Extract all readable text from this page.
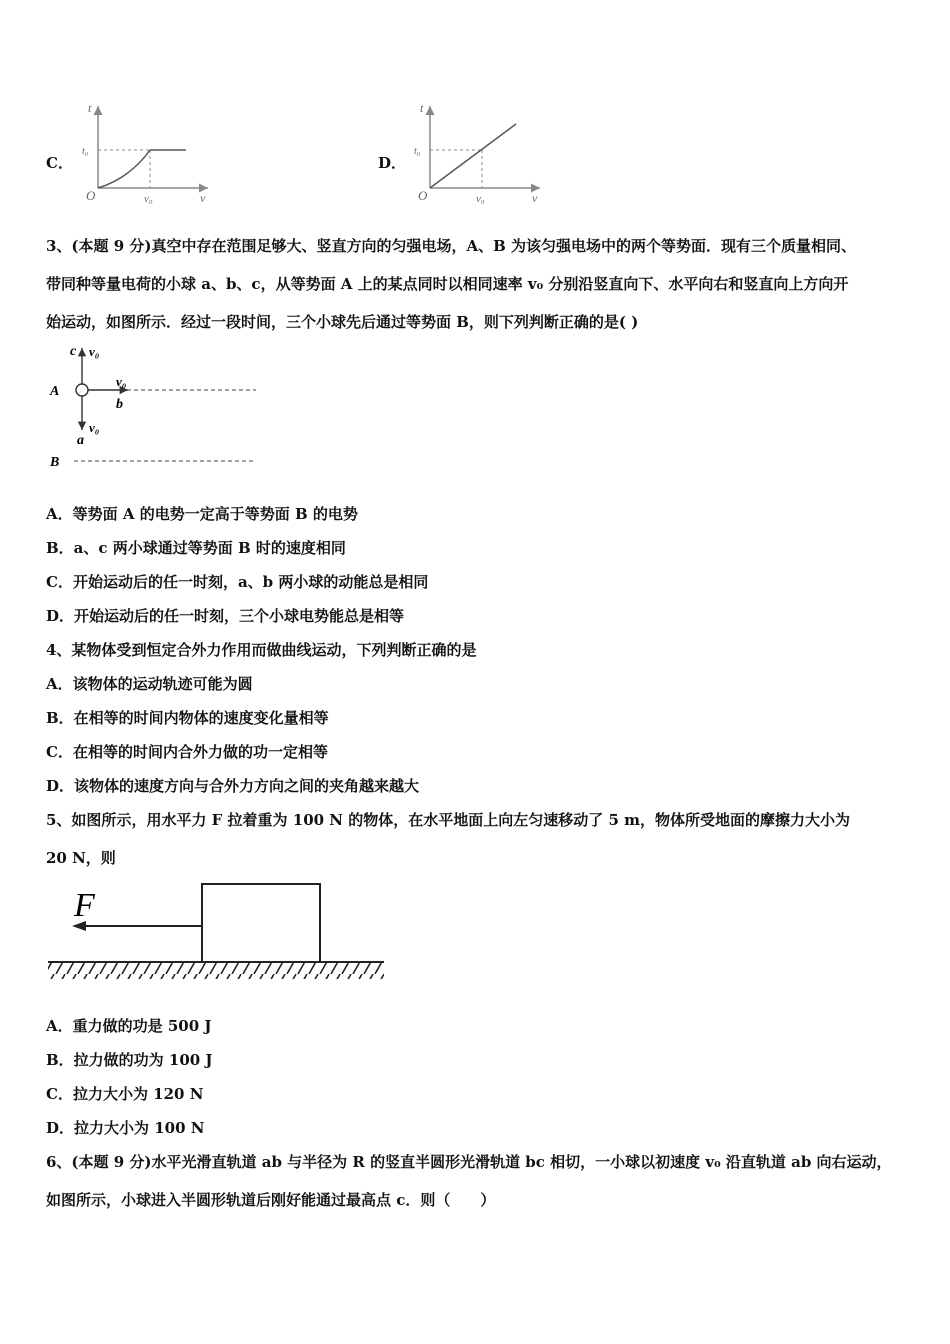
C．
t
t₀
O	v₀	v
D．
t
t₀
O	v₀	v
3、(本题 9 分)真空中存在范围足够大、竖直方向的匀强电场，A、B 为该匀强电场中的两个等势面．现有三个质量相同、
带同种等量电荷的小球 a、b、c，从等势面 A 上的某点同时以相同速率 v₀ 分别沿竖直向下、水平向右和竖直向上方向开
始运动，如图所示．经过一段时间，三个小球先后通过等势面 B，则下列判断正确的是( )
c v₀
A
v₀
b
v₀
a
B
A．等势面 A 的电势一定高于等势面 B 的电势
B．a、c 两小球通过等势面 B 时的速度相同
C．开始运动后的任一时刻，a、b 两小球的动能总是相同
D．开始运动后的任一时刻，三个小球电势能总是相等
4、某物体受到恒定合外力作用而做曲线运动，下列判断正确的是
A．该物体的运动轨迹可能为圆
B．在相等的时间内物体的速度变化量相等
C．在相等的时间内合外力做的功一定相等
D．该物体的速度方向与合外力方向之间的夹角越来越大
5、如图所示，用水平力 F 拉着重为 100 N 的物体，在水平地面上向左匀速移动了 5 m，物体所受地面的摩擦力大小为
20 N，则
F
A．重力做的功是 500 J
B．拉力做的功为 100 J
C．拉力大小为 120 N
D．拉力大小为 100 N
6、(本题 9 分)水平光滑直轨道 ab 与半径为 R 的竖直半圆形光滑轨道 bc 相切，一小球以初速度 v₀ 沿直轨道 ab 向右运动，
如图所示，小球进入半圆形轨道后刚好能通过最高点 c．则（　　）
